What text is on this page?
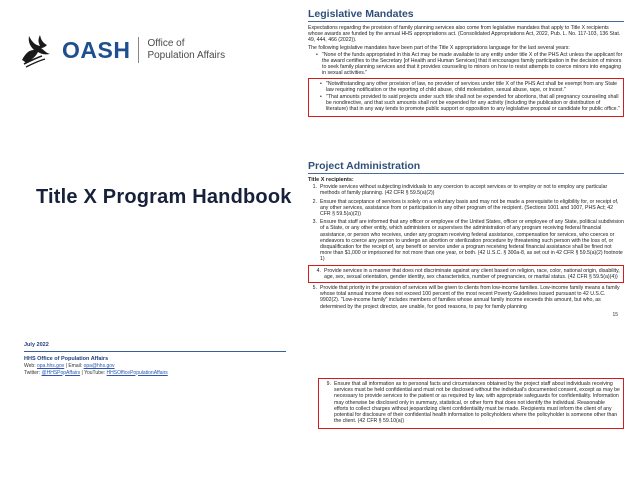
OASH Office of
Population Affairs
Title X Program Handbook
July 2022
HHS Office of Population Affairs
Web: opa.hhs.gov | Email: opa@hhs.gov
Twitter: @HHSPopAffairs | YouTube: HHSOfficePopulationAffairs
Legislative Mandates

Expectations regarding the provision of family planning services also come from legislative mandates that apply to Title X recipients whose awards are funded by the annual HHS appropriations act. (Consolidated Appropriations Act, 2022, Pub. L. No. 117-103, 136 Stat. 49, 444, 466 (2022)).

The following legislative mandates have been part of the Title X appropriations language for the last several years:

• "None of the funds appropriated in this Act may be made available to any entity under title X of the PHS Act unless the applicant for the award certifies to the Secretary [of Health and Human Services] that it encourages family participation in the decision of minors to seek family planning services and that it provides counseling to minors on how to resist attempts to coerce minors into engaging in sexual activities."
• "Notwithstanding any other provision of law, no provider of services under title X of the PHS Act shall be exempt from any State law requiring notification or the reporting of child abuse, child molestation, sexual abuse, rape, or incest."
• "That amounts provided to said projects under such title shall not be expended for abortions, that all pregnancy counseling shall be nondirective, and that such amounts shall not be expended for any activity (including the publication or distribution of literature) that in any way tends to promote public support or opposition to any legislative proposal or candidate for public office."
Project Administration
Title X recipients:
1. Provide services without subjecting individuals to any coercion to accept services or to employ or not to employ any particular methods of family planning. (42 CFR § 59.5(a)(2))
2. Ensure that acceptance of services is solely on a voluntary basis and may not be made a prerequisite to eligibility for, or receipt of, any other services, assistance from or participation in any other program of the recipient. (Sections 1001 and 1007, PHS Act; 42 CFR § 59.5(a)(2))
3. Ensure that staff are informed that any officer or employee of the United States, officer or employee of any State, political subdivision of a State, or any other entity, which administers or supervises the administration of any program receiving federal financial assistance, or person who receives, under any program receiving federal assistance, compensation for services, who coerces or endeavors to coerce any person to undergo an abortion or sterilization procedure by threatening such person with the loss of, or disqualification for the receipt of, any benefit or service under a program receiving federal financial assistance shall be fined not more than $1,000 or imprisoned for not more than one year, or both. (42 U.S.C. § 300a-8, as set out in 42 CFR § 59.5(a)(2) footnote 1)
4. Provide services in a manner that does not discriminate against any client based on religion, race, color, national origin, disability, age, sex, sexual orientation, gender identity, sex characteristics, number of pregnancies, or marital status. (42 CFR § 59.5(a)(4))
5. Provide that priority in the provision of services will be given to clients from low-income families. Low-income family means a family whose total annual income does not exceed 100 percent of the most recent Poverty Guidelines issued pursuant to 42 U.S.C. 9902(2). "Low-income family" includes members of families whose annual family income exceeds this amount, but who, as determined by the project director, are unable, for good reasons, to pay for family planning
15
9. Ensure that all information as to personal facts and circumstances obtained by the project staff about individuals receiving services must be held confidential and must not be disclosed without the individual's documented consent, except as may be necessary to provide services to the patient or as required by law, with appropriate safeguards for confidentiality. Information may otherwise be disclosed only in summary, statistical, or other form that does not identify the individual. Reasonable efforts to collect charges without jeopardizing client confidentiality must be made. Recipients must inform the client of any potential for disclosure of their confidential health information to policyholders where the policyholder is someone other than the client. (42 CFR § 59.10(a))
